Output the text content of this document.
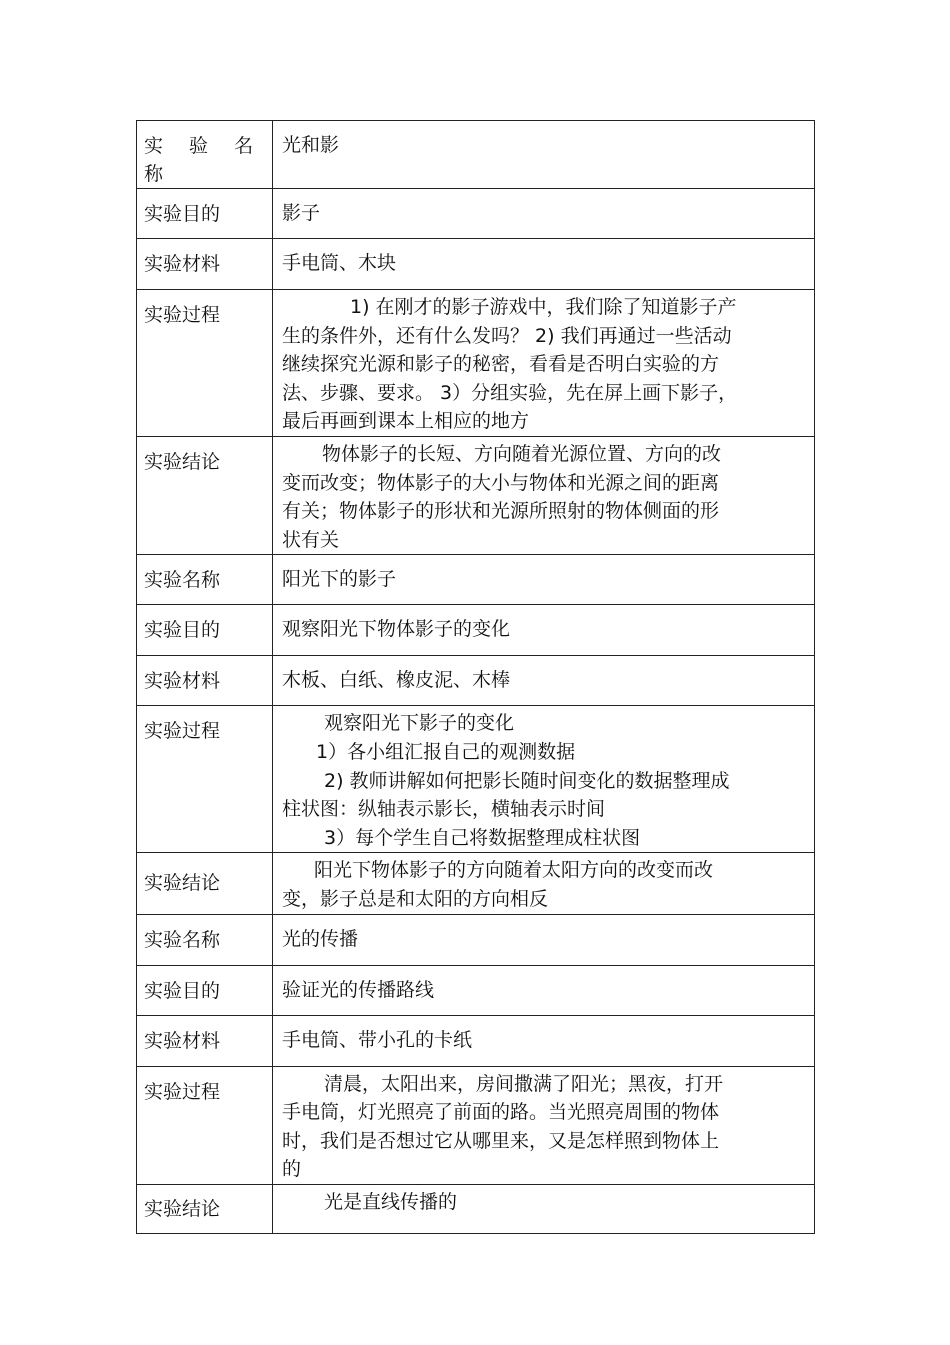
实 验 名 称	光和影
实验目的	影子
实验材料	手电筒、木块
实验过程	1) 在刚才的影子游戏中，我们除了知道影子产
生的条件外，还有什么发吗？ 2) 我们再通过一些活动
继续探究光源和影子的秘密，看看是否明白实验的方
法、步骤、要求。 3）分组实验，先在屏上画下影子，
最后再画到课本上相应的地方

实验结论	物体影子的长短、方向随着光源位置、方向的改
变而改变；物体影子的大小与物体和光源之间的距离
有关；物体影子的形状和光源所照射的物体侧面的形
状有关

实验名称	阳光下的影子
实验目的	观察阳光下物体影子的变化
实验材料	木板、白纸、橡皮泥、木棒
实验过程	观察阳光下影子的变化
1）各小组汇报自己的观测数据
2) 教师讲解如何把影长随时间变化的数据整理成
柱状图：纵轴表示影长，横轴表示时间
3）每个学生自己将数据整理成柱状图

实验结论	阳光下物体影子的方向随着太阳方向的改变而改
变，影子总是和太阳的方向相反

实验名称	光的传播
实验目的	验证光的传播路线
实验材料	手电筒、带小孔的卡纸
实验过程	清晨，太阳出来，房间撒满了阳光；黑夜，打开
手电筒，灯光照亮了前面的路。当光照亮周围的物体
时，我们是否想过它从哪里来，又是怎样照到物体上
的

实验结论	光是直线传播的
